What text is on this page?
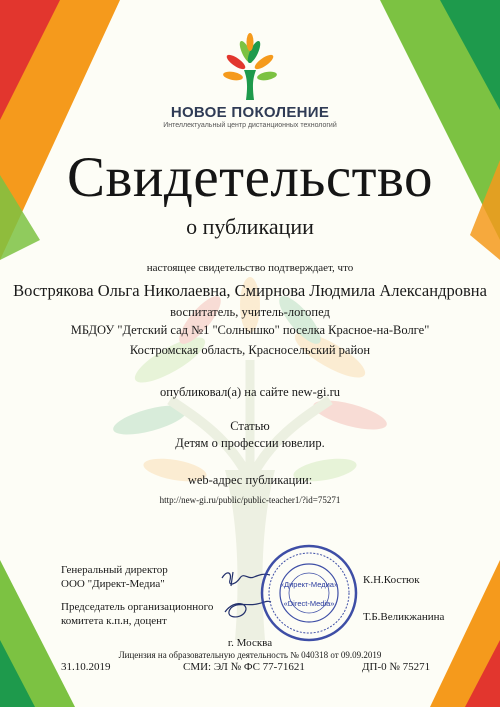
НОВОЕ ПОКОЛЕНИЕ
Интеллектуальный центр дистанционных технологий
Свидетельство
о публикации
настоящее свидетельство подтверждает, что
Вострякова Ольга Николаевна, Смирнова Людмила Александровна
воспитатель, учитель-логопед
МБДОУ "Детский сад №1 "Солнышко" поселка Красное-на-Волге"
Костромская область, Красносельский район
опубликовал(а) на сайте new-gi.ru
Статью
Детям о профессии ювелир.
web-адрес публикации:
http://new-gi.ru/public/public-teacher1/?id=75271
Генеральный директор
ООО "Директ-Медиа"	К.Н.Костюк
Председатель организационного
комитета к.п.н, доцент	Т.Б.Великжанина
«Директ-Медиа»
«Direct-Media»
г. Москва
Лицензия на образовательную деятельность № 040318 от 09.09.2019
31.10.2019	СМИ: ЭЛ № ФС 77-71621	ДП-0 № 75271
